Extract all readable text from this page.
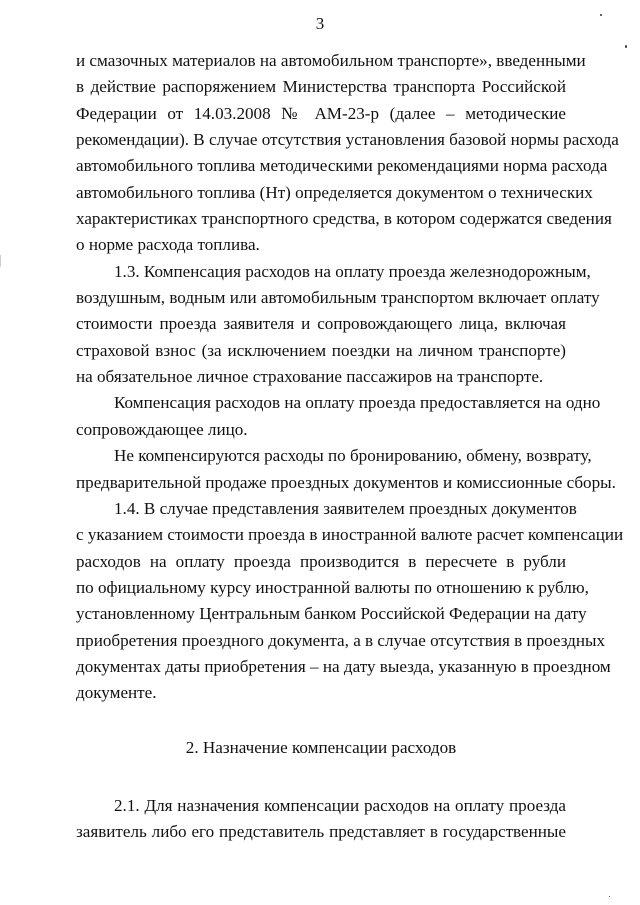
3
и смазочных материалов на автомобильном транспорте», введенными
в действие распоряжением Министерства транспорта Российской
Федерации от 14.03.2008 № АМ-23-р (далее – методические
рекомендации). В случае отсутствия установления базовой нормы расхода
автомобильного топлива методическими рекомендациями норма расхода
автомобильного топлива (Нт) определяется документом о технических
характеристиках транспортного средства, в котором содержатся сведения
о норме расхода топлива.
1.3. Компенсация расходов на оплату проезда железнодорожным,
воздушным, водным или автомобильным транспортом включает оплату
стоимости проезда заявителя и сопровождающего лица, включая
страховой взнос (за исключением поездки на личном транспорте)
на обязательное личное страхование пассажиров на транспорте.
Компенсация расходов на оплату проезда предоставляется на одно
сопровождающее лицо.
Не компенсируются расходы по бронированию, обмену, возврату,
предварительной продаже проездных документов и комиссионные сборы.
1.4. В случае представления заявителем проездных документов
с указанием стоимости проезда в иностранной валюте расчет компенсации
расходов на оплату проезда производится в пересчете в рубли
по официальному курсу иностранной валюты по отношению к рублю,
установленному Центральным банком Российской Федерации на дату
приобретения проездного документа, а в случае отсутствия в проездных
документах даты приобретения – на дату выезда, указанную в проездном
документе.
2. Назначение компенсации расходов
2.1. Для назначения компенсации расходов на оплату проезда
заявитель либо его представитель представляет в государственные
